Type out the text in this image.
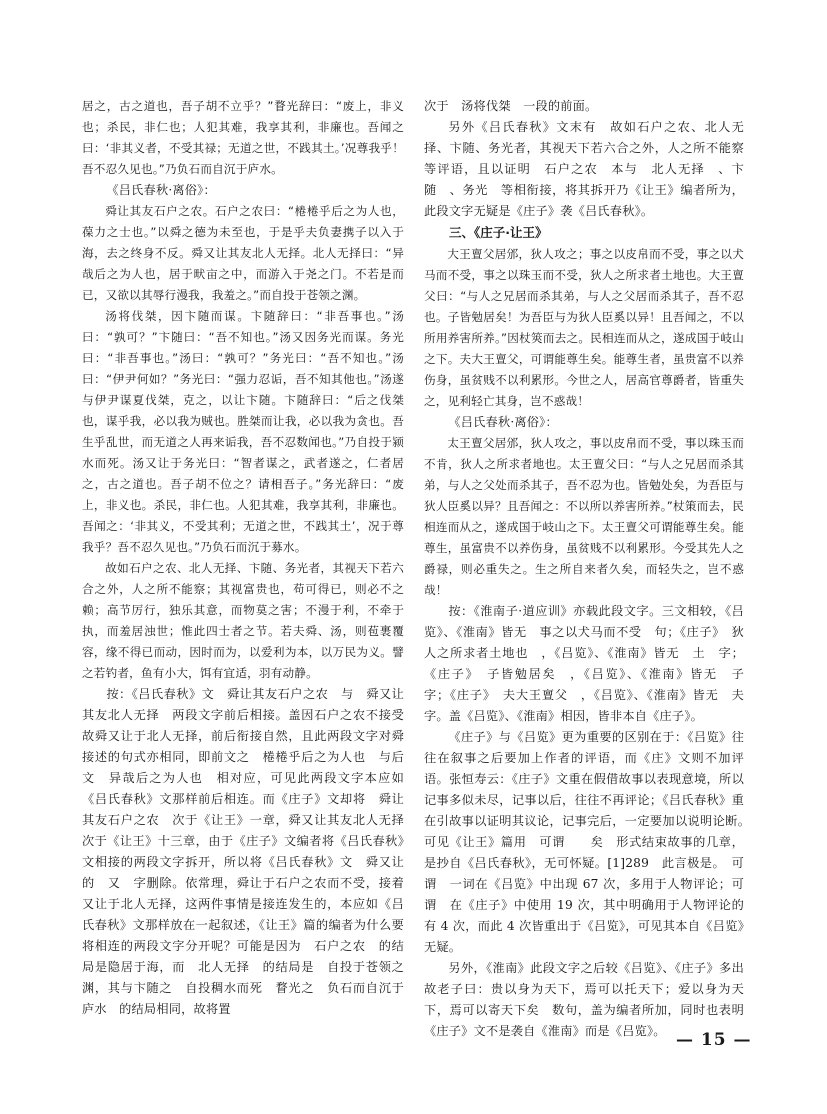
居之，古之道也，吾子胡不立乎？”瞀光辞曰：“废上，非义也；杀民，非仁也；人犯其难，我享其利，非廉也。吾闻之曰：‘非其义者，不受其禄；无道之世，不践其土。’况尊我乎！吾不忍久见也。”乃负石而自沉于庐水。

《吕氏春秋·离俗》：

舜让其友石户之农。石户之农曰：“棬棬乎后之为人也，葆力之士也。”以舜之德为未至也，于是乎夫负妻携子以入于海，去之终身不反。舜又让其友北人无择。北人无择曰：“异哉后之为人也，居于畎亩之中，而游入于尧之门。不若是而已，又欲以其辱行漫我，我羞之。”而自投于苍领之渊。

汤将伐桀，因卞随而谋。卞随辞曰：“非吾事也。”汤曰：“孰可？”卞随曰：“吾不知也。”汤又因务光而谋。务光曰：“非吾事也。”汤曰：“孰可？”务光曰：“吾不知也。”汤曰：“伊尹何如？”务光曰：“强力忍诟，吾不知其他也。”汤遂与伊尹谋夏伐桀，克之，以让卞随。卞随辞曰：“后之伐桀也，谋乎我，必以我为贼也。胜桀而让我，必以我为贪也。吾生乎乱世，而无道之人再来诟我，吾不忍数闻也。”乃自投于颍水而死。汤又让于务光曰：“智者谋之，武者遂之，仁者居之，古之道也。吾子胡不位之？请相吾子。”务光辞曰：“废上，非义也。杀民，非仁也。人犯其难，我享其利，非廉也。吾闻之：‘非其义，不受其利；无道之世，不践其土’，况于尊我乎？吾不忍久见也。”乃负石而沉于募水。

故如石户之农、北人无择、卞随、务光者，其视天下若六合之外，人之所不能察；其视富贵也，苟可得已，则必不之赖；高节厉行，独乐其意，而物莫之害；不漫于利，不牵于执，而羞居浊世；惟此四士者之节。若夫舜、汤，则苞裹覆容，缘不得已而动，因时而为，以爱利为本，以万民为义。譬之若钓者，鱼有小大，饵有宜适，羽有动静。

按：《吕氏春秋》文　舜让其友石户之农　与　舜又让其友北人无择　两段文字前后相接。盖因石户之农不接受故舜又让于北人无择，前后衔接自然，且此两段文字对舜接述的句式亦相同，即前文之　棬棬乎后之为人也　与后文　异哉后之为人也　相对应，可见此两段文字本应如《吕氏春秋》文那样前后相连。而《庄子》文却将　舜让其友石户之农　次于《让王》一章，舜又让其友北人无择　次于《让王》十三章，由于《庄子》文编者将《吕氏春秋》文相接的两段文字拆开，所以将《吕氏春秋》文　舜又让　的　又　字删除。依常理，舜让于石户之农而不受，接着又让于北人无择，这两件事情是接连发生的，本应如《吕氏春秋》文那样放在一起叙述，《让王》篇的编者为什么要将相连的两段文字分开呢？可能是因为　石户之农　的结局是隐居于海，而　北人无择　的结局是　自投于苍领之渊，其与卞随之　自投稠水而死　瞀光之　负石而自沉于庐水　的结局相同，故将置

次于　汤将伐桀　一段的前面。

另外《吕氏春秋》文末有　故如石户之农、北人无择、卞随、务光者，其视天下若六合之外，人之所不能察　等评语，且以证明　石户之农　本与　北人无择　、卞随　、务光　等相衔接，将其拆开乃《让王》编者所为，此段文字无疑是《庄子》袭《吕氏春秋》。

三、《庄子·让王》

大王亶父居邠，狄人攻之；事之以皮帛而不受，事之以犬马而不受，事之以珠玉而不受，狄人之所求者土地也。大王亶父曰：“与人之兄居而杀其弟，与人之父居而杀其子，吾不忍也。子皆勉居矣！为吾臣与为狄人臣奚以异！且吾闻之，不以所用养害所养。”因杖筴而去之。民相连而从之，遂成国于岐山之下。夫大王亶父，可谓能尊生矣。能尊生者，虽贵富不以养伤身，虽贫贱不以利累形。今世之人，居高官尊爵者，皆重失之，见利轻亡其身，岂不惑哉！

《吕氏春秋·离俗》：

太王亶父居邠，狄人攻之，事以皮帛而不受，事以珠玉而不肯，狄人之所求者地也。太王亶父曰：“与人之兄居而杀其弟，与人之父处而杀其子，吾不忍为也。皆勉处矣，为吾臣与狄人臣奚以异？且吾闻之：不以所以养害所养。”杖策而去，民相连而从之，遂成国于岐山之下。太王亶父可谓能尊生矣。能尊生，虽富贵不以养伤身，虽贫贱不以利累形。今受其先人之爵禄，则必重失之。生之所自来者久矣，而轻失之，岂不惑哉！

按：《淮南子·道应训》亦载此段文字。三文相较，《吕览》、《淮南》皆无　事之以犬马而不受　句；《庄子》　狄人之所求者土地也　，《吕览》、《淮南》皆无　土　字；《庄子》　子皆勉居矣　，《吕览》、《淮南》皆无　子　字；《庄子》　夫大王亶父　，《吕览》、《淮南》皆无　夫　字。盖《吕览》、《淮南》相因，皆非本自《庄子》。

《庄子》与《吕览》更为重要的区别在于：《吕览》往往在叙事之后要加上作者的评语，而《庄》文则不加评语。张恒寿云：《庄子》文重在假借故事以表现意境，所以记事多似未尽，记事以后，往往不再评论；《吕氏春秋》重在引故事以证明其议论，记事完后，一定要加以说明论断。　　可见《让王》篇用　可谓　　矣　形式结束故事的几章，是抄自《吕氏春秋》，无可怀疑。[1]289　此言极是。　可谓　一词在《吕览》中出现 67 次，多用于人物评论；可谓　在《庄子》中使用 19 次，其中明确用于人物评论的有 4 次，而此 4 次皆重出于《吕览》，可见其本自《吕览》无疑。

另外，《淮南》此段文字之后较《吕览》、《庄子》多出　故老子曰：贵以身为天下，焉可以托天下；爱以身为天下，焉可以寄天下矣　数句，盖为编者所加，同时也表明《庄子》文不是袭自《淮南》而是《吕览》。 — 15 —
